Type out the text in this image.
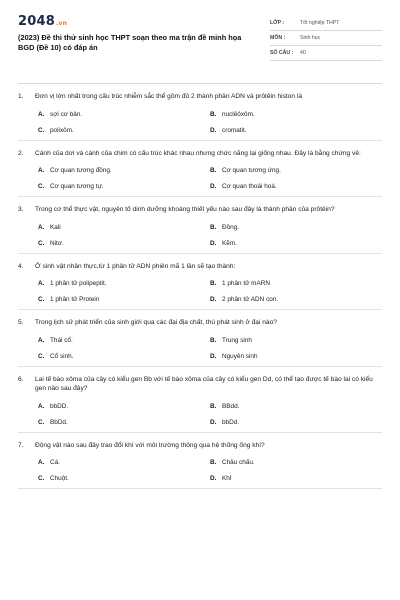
2048.vn
(2023) Đề thi thử sinh học THPT soạn theo ma trận đề minh họa BGD (Đề 10) có đáp án
LỚP :	Tốt nghiệp THPT
MÔN :	Sinh học
SỐ CÂU :	40
1.	Đơn vị lớn nhất trong cấu trúc nhiễm sắc thể gồm đủ 2 thành phần ADN và prôtêin histon là
A. sợi cơ bản.	B. nuclêôxôm.
C. polixôm.	D. cromatit.
2.	Cánh của dơi và cánh của chim có cấu trúc khác nhau nhưng chức năng lại giống nhau. Đây là bằng chứng về:
A. Cơ quan tương đồng.	B. Cơ quan tương ứng.
C. Cơ quan tương tự.	D. Cơ quan thoái hoá.
3.	Trong cơ thể thực vật, nguyên tố dinh dưỡng khoáng thiết yếu nào sau đây là thành phần của prôtêin?
A. Kali	B. Đồng.
C. Nitơ.	D. Kẽm.
4.	Ở sinh vật nhân thực,từ 1 phân tử ADN phiên mã 1 lần sẽ tạo thành:
A. 1 phân tử polipeptit.	B. 1 phân tử mARN
C. 1 phân tử Protein	D. 2 phân tử ADN con.
5.	Trong lịch sử phát triển của sinh giới qua các đại địa chất, thú phát sinh ở đại nào?
A. Thái cổ.	B. Trung sinh
C. Cổ sinh.	D. Nguyên sinh
6.	Lai tế bào xôma của cây có kiểu gen Bb với tế bào xôma của cây có kiểu gen Dd, có thể tạo được tế bào lai có kiểu gen nào sau đây?
A. bbDD.	B. BBdd.
C. BbDd.	D. bbDd.
7.	Động vật nào sau đây trao đổi khí với môi trường thông qua hệ thống ống khí?
A. Cá.	B. Châu chấu.
C. Chuột.	D. Khỉ
